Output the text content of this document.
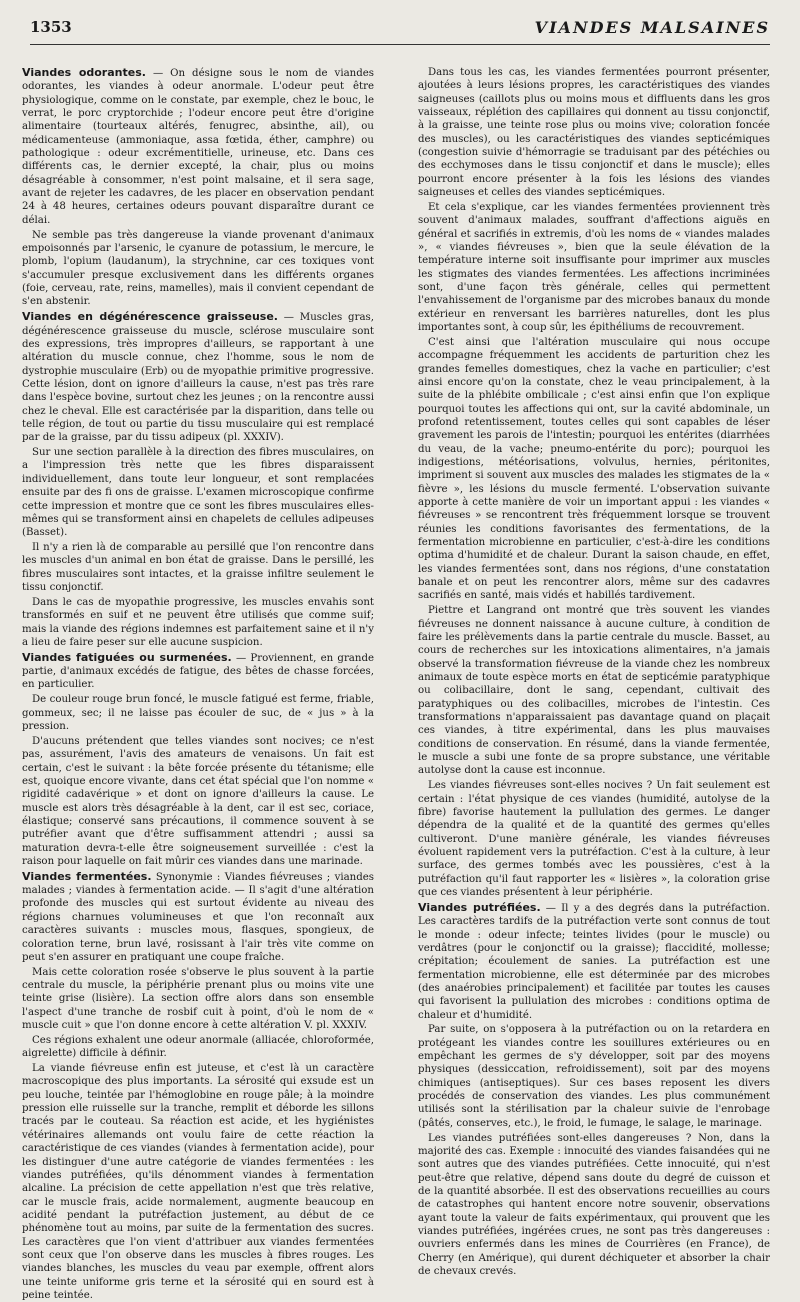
1353	VIANDES MALSAINES

Viandes odorantes. — On désigne sous le nom de viandes odorantes, les viandes à odeur anormale. L'odeur peut être physiologique, comme on le constate, par exemple, chez le bouc, le verrat, le porc cryptorchide ; l'odeur encore peut être d'origine alimentaire (tourteaux altérés, fenugrec, absinthe, ail), ou médicamenteuse (ammoniaque, assa fœtida, éther, camphre) ou pathologique : odeur excrémentitielle, urineuse, etc. Dans ces différents cas, le dernier excepté, la chair, plus ou moins désagréable à consommer, n'est point malsaine, et il sera sage, avant de rejeter les cadavres, de les placer en observation pendant 24 à 48 heures, certaines odeurs pouvant disparaître durant ce délai.

Ne semble pas très dangereuse la viande provenant d'animaux empoisonnés par l'arsenic, le cyanure de potassium, le mercure, le plomb, l'opium (laudanum), la strychnine, car ces toxiques vont s'accumuler presque exclusivement dans les différents organes (foie, cerveau, rate, reins, mamelles), mais il convient cependant de s'en abstenir.

Viandes en dégénérescence graisseuse. — Muscles gras, dégénérescence graisseuse du muscle, sclérose musculaire sont des expressions, très impropres d'ailleurs, se rapportant à une altération du muscle connue, chez l'homme, sous le nom de dystrophie musculaire (Erb) ou de myopathie primitive progressive. Cette lésion, dont on ignore d'ailleurs la cause, n'est pas très rare dans l'espèce bovine, surtout chez les jeunes ; on la rencontre aussi chez le cheval. Elle est caractérisée par la disparition, dans telle ou telle région, de tout ou partie du tissu musculaire qui est remplacé par de la graisse, par du tissu adipeux (pl. XXXIV).

Sur une section parallèle à la direction des fibres musculaires, on a l'impression très nette que les fibres disparaissent individuellement, dans toute leur longueur, et sont remplacées ensuite par des fi ons de graisse. L'examen microscopique confirme cette impression et montre que ce sont les fibres musculaires elles-mêmes qui se transforment ainsi en chapelets de cellules adipeuses (Basset).

Il n'y a rien là de comparable au persillé que l'on rencontre dans les muscles d'un animal en bon état de graisse. Dans le persillé, les fibres musculaires sont intactes, et la graisse infiltre seulement le tissu conjonctif.

Dans le cas de myopathie progressive, les muscles envahis sont transformés en suif et ne peuvent être utilisés que comme suif; mais la viande des régions indemnes est parfaitement saine et il n'y a lieu de faire peser sur elle aucune suspicion.

Viandes fatiguées ou surmenées. — Proviennent, en grande partie, d'animaux excédés de fatigue, des bêtes de chasse forcées, en particulier.

De couleur rouge brun foncé, le muscle fatigué est ferme, friable, gommeux, sec; il ne laisse pas écouler de suc, de « jus » à la pression.

D'aucuns prétendent que telles viandes sont nocives; ce n'est pas, assurément, l'avis des amateurs de venaisons. Un fait est certain, c'est le suivant : la bête forcée présente du tétanisme; elle est, quoique encore vivante, dans cet état spécial que l'on nomme « rigidité cadavérique » et dont on ignore d'ailleurs la cause. Le muscle est alors très désagréable à la dent, car il est sec, coriace, élastique; conservé sans précautions, il commence souvent à se putréfier avant que d'être suffisamment attendri ; aussi sa maturation devra-t-elle être soigneusement surveillée : c'est la raison pour laquelle on fait mûrir ces viandes dans une marinade.

Viandes fermentées. Synonymie : Viandes fiévreuses ; viandes malades ; viandes à fermentation acide. — Il s'agit d'une altération profonde des muscles qui est surtout évidente au niveau des régions charnues volumineuses et que l'on reconnaît aux caractères suivants : muscles mous, flasques, spongieux, de coloration terne, brun lavé, rosissant à l'air très vite comme on peut s'en assurer en pratiquant une coupe fraîche.

Mais cette coloration rosée s'observe le plus souvent à la partie centrale du muscle, la périphérie prenant plus ou moins vite une teinte grise (lisière). La section offre alors dans son ensemble l'aspect d'une tranche de rosbif cuit à point, d'où le nom de « muscle cuit » que l'on donne encore à cette altération V. pl. XXXIV.

Ces régions exhalent une odeur anormale (alliacée, chloroformée, aigrelette) difficile à définir.

La viande fiévreuse enfin est juteuse, et c'est là un caractère macroscopique des plus importants. La sérosité qui exsude est un peu louche, teintée par l'hémoglobine en rouge pâle; à la moindre pression elle ruisselle sur la tranche, remplit et déborde les sillons tracés par le couteau. Sa réaction est acide, et les hygiénistes vétérinaires allemands ont voulu faire de cette réaction la caractéristique de ces viandes (viandes à fermentation acide), pour les distinguer d'une autre catégorie de viandes fermentées : les viandes putréfiées, qu'ils dénomment viandes à fermentation alcaline. La précision de cette appellation n'est que très relative, car le muscle frais, acide normalement, augmente beaucoup en acidité pendant la putréfaction justement, au début de ce phénomène tout au moins, par suite de la fermentation des sucres. Les caractères que l'on vient d'attribuer aux viandes fermentées sont ceux que l'on observe dans les muscles à fibres rouges. Les viandes blanches, les muscles du veau par exemple, offrent alors une teinte uniforme gris terne et la sérosité qui en sourd est à peine teintée.

Dans tous les cas, les viandes fermentées pourront présenter, ajoutées à leurs lésions propres, les caractéristiques des viandes saigneuses (caillots plus ou moins mous et diffluents dans les gros vaisseaux, réplétion des capillaires qui donnent au tissu conjonctif, à la graisse, une teinte rose plus ou moins vive; coloration foncée des muscles), ou les caractéristiques des viandes septicémiques (congestion suivie d'hémorragie se traduisant par des pétéchies ou des ecchymoses dans le tissu conjonctif et dans le muscle); elles pourront encore présenter à la fois les lésions des viandes saigneuses et celles des viandes septicémiques.

Et cela s'explique, car les viandes fermentées proviennent très souvent d'animaux malades, souffrant d'affections aiguës en général et sacrifiés in extremis, d'où les noms de « viandes malades », « viandes fiévreuses », bien que la seule élévation de la température interne soit insuffisante pour imprimer aux muscles les stigmates des viandes fermentées. Les affections incriminées sont, d'une façon très générale, celles qui permettent l'envahissement de l'organisme par des microbes banaux du monde extérieur en renversant les barrières naturelles, dont les plus importantes sont, à coup sûr, les épithéliums de recouvrement.

C'est ainsi que l'altération musculaire qui nous occupe accompagne fréquemment les accidents de parturition chez les grandes femelles domestiques, chez la vache en particulier; c'est ainsi encore qu'on la constate, chez le veau principalement, à la suite de la phlébite ombilicale ; c'est ainsi enfin que l'on explique pourquoi toutes les affections qui ont, sur la cavité abdominale, un profond retentissement, toutes celles qui sont capables de léser gravement les parois de l'intestin; pourquoi les entérites (diarrhées du veau, de la vache; pneumo-entérite du porc); pourquoi les indigestions, météorisations, volvulus, hernies, péritonites, impriment si souvent aux muscles des malades les stigmates de la « fièvre », les lésions du muscle fermenté. L'observation suivante apporte à cette manière de voir un important appui : les viandes « fiévreuses » se rencontrent très fréquemment lorsque se trouvent réunies les conditions favorisantes des fermentations, de la fermentation microbienne en particulier, c'est-à-dire les conditions optima d'humidité et de chaleur. Durant la saison chaude, en effet, les viandes fermentées sont, dans nos régions, d'une constatation banale et on peut les rencontrer alors, même sur des cadavres sacrifiés en santé, mais vidés et habillés tardivement.

Piettre et Langrand ont montré que très souvent les viandes fiévreuses ne donnent naissance à aucune culture, à condition de faire les prélèvements dans la partie centrale du muscle. Basset, au cours de recherches sur les intoxications alimentaires, n'a jamais observé la transformation fiévreuse de la viande chez les nombreux animaux de toute espèce morts en état de septicémie paratyphique ou colibacillaire, dont le sang, cependant, cultivait des paratyphiques ou des colibacilles, microbes de l'intestin. Ces transformations n'apparaissaient pas davantage quand on plaçait ces viandes, à titre expérimental, dans les plus mauvaises conditions de conservation. En résumé, dans la viande fermentée, le muscle a subi une fonte de sa propre substance, une véritable autolyse dont la cause est inconnue.

Les viandes fiévreuses sont-elles nocives ? Un fait seulement est certain : l'état physique de ces viandes (humidité, autolyse de la fibre) favorise hautement la pullulation des germes. Le danger dépendra de la qualité et de la quantité des germes qu'elles cultiveront. D'une manière générale, les viandes fiévreuses évoluent rapidement vers la putréfaction. C'est à la culture, à leur surface, des germes tombés avec les poussières, c'est à la putréfaction qu'il faut rapporter les « lisières », la coloration grise que ces viandes présentent à leur périphérie.

Viandes putréfiées. — Il y a des degrés dans la putréfaction. Les caractères tardifs de la putréfaction verte sont connus de tout le monde : odeur infecte; teintes livides (pour le muscle) ou verdâtres (pour le conjonctif ou la graisse); flaccidité, mollesse; crépitation; écoulement de sanies. La putréfaction est une fermentation microbienne, elle est déterminée par des microbes (des anaérobies principalement) et facilitée par toutes les causes qui favorisent la pullulation des microbes : conditions optima de chaleur et d'humidité.

Par suite, on s'opposera à la putréfaction ou on la retardera en protégeant les viandes contre les souillures extérieures ou en empêchant les germes de s'y développer, soit par des moyens physiques (dessiccation, refroidissement), soit par des moyens chimiques (antiseptiques). Sur ces bases reposent les divers procédés de conservation des viandes. Les plus communément utilisés sont la stérilisation par la chaleur suivie de l'enrobage (pâtés, conserves, etc.), le froid, le fumage, le salage, le marinage.

Les viandes putréfiées sont-elles dangereuses ? Non, dans la majorité des cas. Exemple : innocuité des viandes faisandées qui ne sont autres que des viandes putréfiées. Cette innocuité, qui n'est peut-être que relative, dépend sans doute du degré de cuisson et de la quantité absorbée. Il est des observations recueillies au cours de catastrophes qui hantent encore notre souvenir, observations ayant toute la valeur de faits expérimentaux, qui prouvent que les viandes putréfiées, ingérées crues, ne sont pas très dangereuses : ouvriers enfermés dans les mines de Courrières (en France), de Cherry (en Amérique), qui durent déchiqueter et absorber la chair de chevaux crevés.
